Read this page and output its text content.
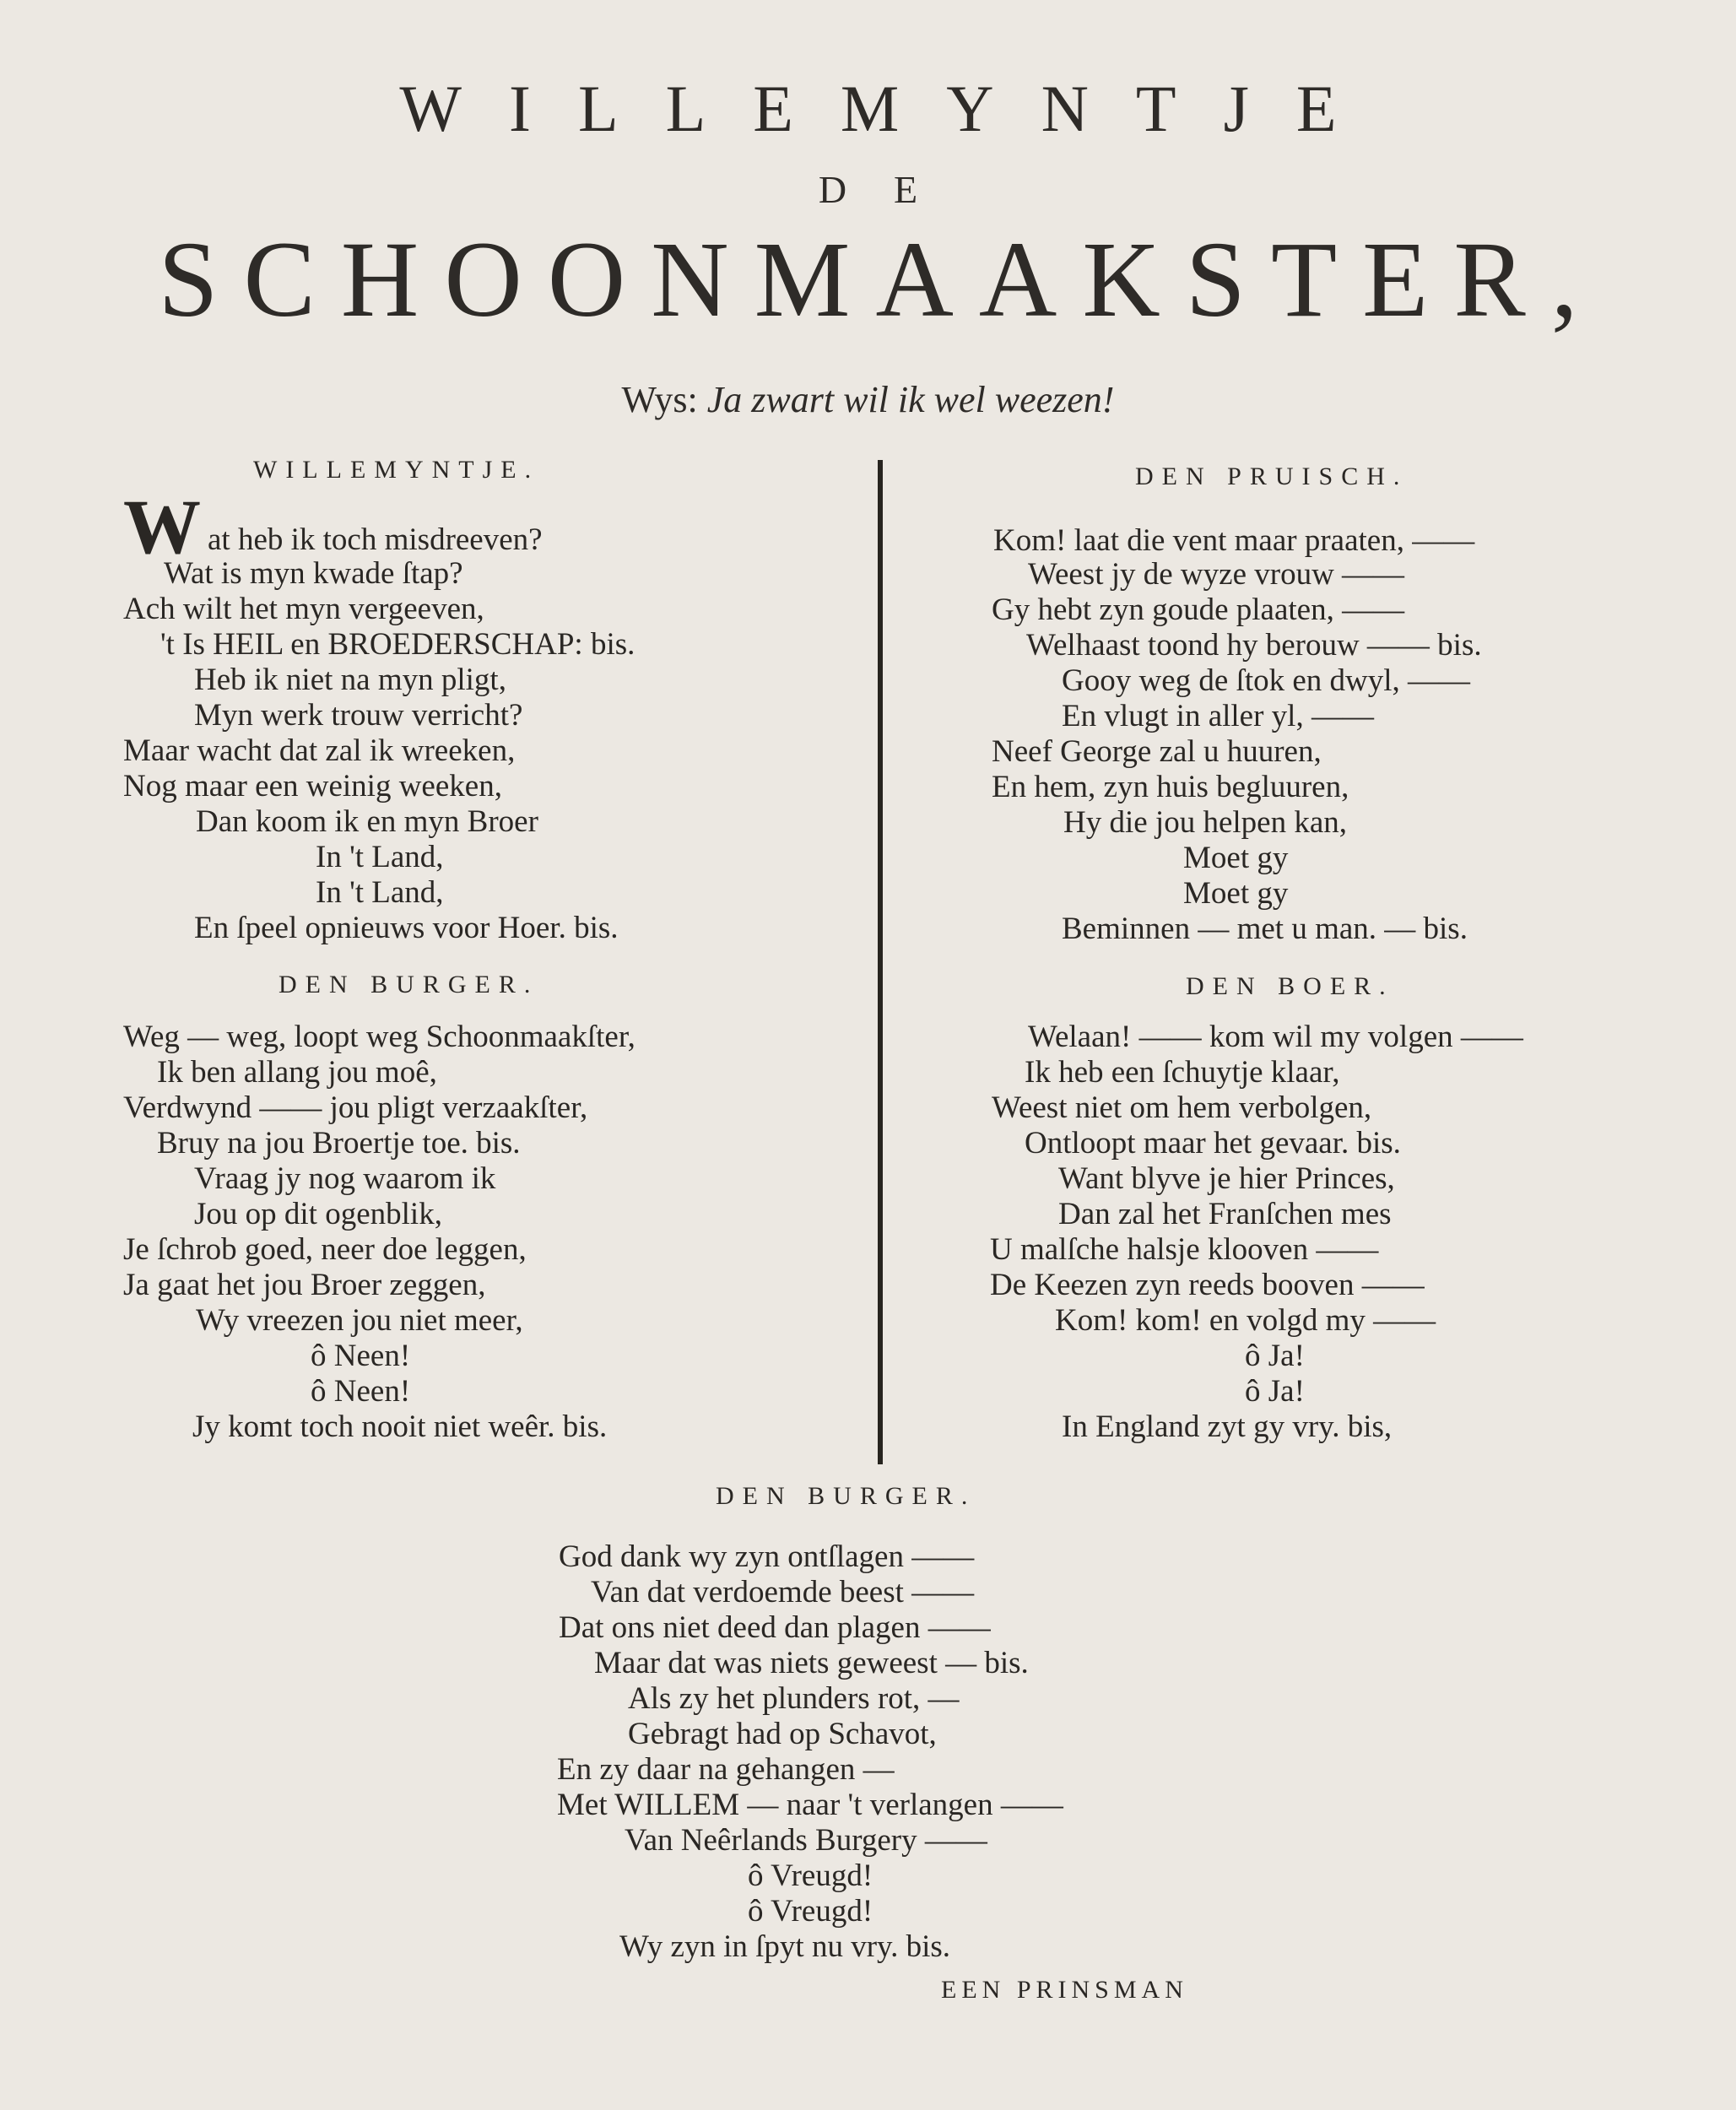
WILLEMYNTJE
DE
SCHOONMAAKSTER,
Wys: Ja zwart wil ik wel weezen!
WILLEMYNTJE.
W at heb ik toch misdreeven?
Wat is myn kwade ſtap?
Ach wilt het myn vergeeven,
't Is HEIL en BROEDERSCHAP: bis.
Heb ik niet na myn pligt,
Myn werk trouw verricht?
Maar wacht dat zal ik wreeken,
Nog maar een weinig weeken,
Dan koom ik en myn Broer
In 't Land,
In 't Land,
En ſpeel opnieuws voor Hoer. bis.
DEN BURGER.
Weg — weg, loopt weg Schoonmaakſter,
Ik ben allang jou moê,
Verdwynd —— jou pligt verzaakſter,
Bruy na jou Broertje toe. bis.
Vraag jy nog waarom ik
Jou op dit ogenblik,
Je ſchrob goed, neer doe leggen,
Ja gaat het jou Broer zeggen,
Wy vreezen jou niet meer,
ô Neen!
ô Neen!
Jy komt toch nooit niet weêr. bis.
DEN PRUISCH.
Kom! laat die vent maar praaten, ——
Weest jy de wyze vrouw ——
Gy hebt zyn goude plaaten, ——
Welhaast toond hy berouw —— bis.
Gooy weg de ſtok en dwyl, ——
En vlugt in aller yl, ——
Neef George zal u huuren,
En hem, zyn huis begluuren,
Hy die jou helpen kan,
Moet gy
Moet gy
Beminnen — met u man. — bis.
DEN BOER.
Welaan! —— kom wil my volgen ——
Ik heb een ſchuytje klaar,
Weest niet om hem verbolgen,
Ontloopt maar het gevaar. bis.
Want blyve je hier Princes,
Dan zal het Franſchen mes
U malſche halsje klooven ——
De Keezen zyn reeds booven ——
Kom! kom! en volgd my ——
ô Ja!
ô Ja!
In England zyt gy vry. bis,
DEN BURGER.
God dank wy zyn ontſlagen ——
Van dat verdoemde beest ——
Dat ons niet deed dan plagen ——
Maar dat was niets geweest — bis.
Als zy het plunders rot, —
Gebragt had op Schavot,
En zy daar na gehangen —
Met WILLEM — naar 't verlangen ——
Van Neêrlands Burgery ——
ô Vreugd!
ô Vreugd!
Wy zyn in ſpyt nu vry. bis.
EEN PRINSMAN
